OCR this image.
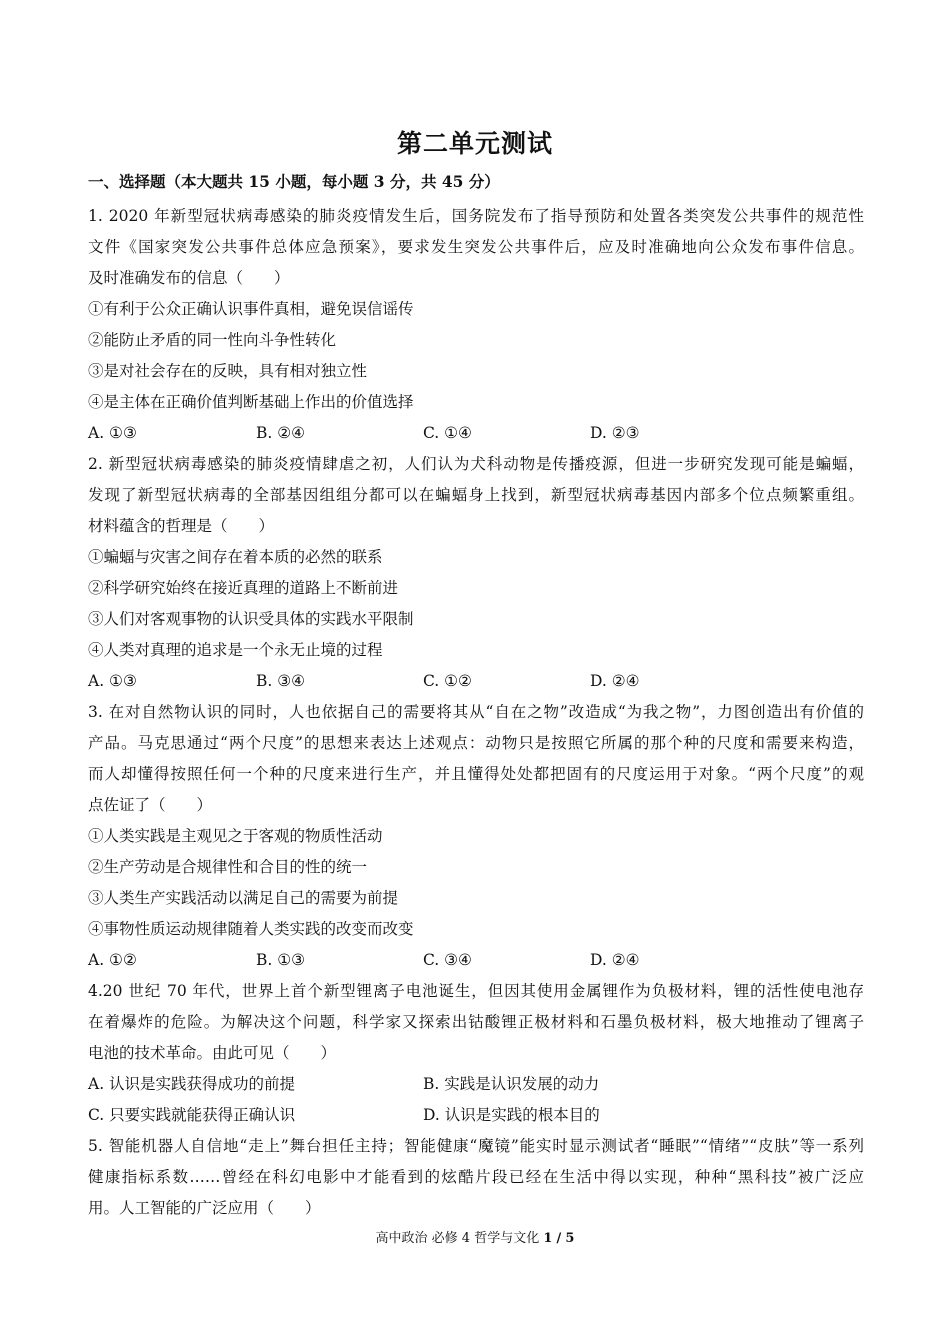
第二单元测试
一、选择题（本大题共 15 小题，每小题 3 分，共 45 分）
1. 2020 年新型冠状病毒感染的肺炎疫情发生后，国务院发布了指导预防和处置各类突发公共事件的规范性
文件《国家突发公共事件总体应急预案》，要求发生突发公共事件后，应及时准确地向公众发布事件信息。
及时准确发布的信息（　　）
①有利于公众正确认识事件真相，避免误信谣传
②能防止矛盾的同一性向斗争性转化
③是对社会存在的反映，具有相对独立性
④是主体在正确价值判断基础上作出的价值选择
A. ①③	B. ②④	C. ①④	D. ②③
2. 新型冠状病毒感染的肺炎疫情肆虐之初，人们认为犬科动物是传播疫源，但进一步研究发现可能是蝙蝠，
发现了新型冠状病毒的全部基因组组分都可以在蝙蝠身上找到，新型冠状病毒基因内部多个位点频繁重组。
材料蕴含的哲理是（　　）
①蝙蝠与灾害之间存在着本质的必然的联系
②科学研究始终在接近真理的道路上不断前进
③人们对客观事物的认识受具体的实践水平限制
④人类对真理的追求是一个永无止境的过程
A. ①③	B. ③④	C. ①②	D. ②④
3. 在对自然物认识的同时，人也依据自己的需要将其从“自在之物”改造成“为我之物”，力图创造出有价值的
产品。马克思通过“两个尺度”的思想来表达上述观点：动物只是按照它所属的那个种的尺度和需要来构造，
而人却懂得按照任何一个种的尺度来进行生产，并且懂得处处都把固有的尺度运用于对象。“两个尺度”的观
点佐证了（　　）
①人类实践是主观见之于客观的物质性活动
②生产劳动是合规律性和合目的性的统一
③人类生产实践活动以满足自己的需要为前提
④事物性质运动规律随着人类实践的改变而改变
A. ①②	B. ①③	C. ③④	D. ②④
4.20 世纪 70 年代，世界上首个新型锂离子电池诞生，但因其使用金属锂作为负极材料，锂的活性使电池存
在着爆炸的危险。为解决这个问题，科学家又探索出钴酸锂正极材料和石墨负极材料，极大地推动了锂离子
电池的技术革命。由此可见（　　）
A. 认识是实践获得成功的前提	B. 实践是认识发展的动力
C. 只要实践就能获得正确认识	D. 认识是实践的根本目的
5. 智能机器人自信地“走上”舞台担任主持；智能健康“魔镜”能实时显示测试者“睡眠”“情绪”“皮肤”等一系列
健康指标系数……曾经在科幻电影中才能看到的炫酷片段已经在生活中得以实现，种种“黑科技”被广泛应
用。人工智能的广泛应用（　　）
高中政治 必修 4 哲学与文化 1 / 5
